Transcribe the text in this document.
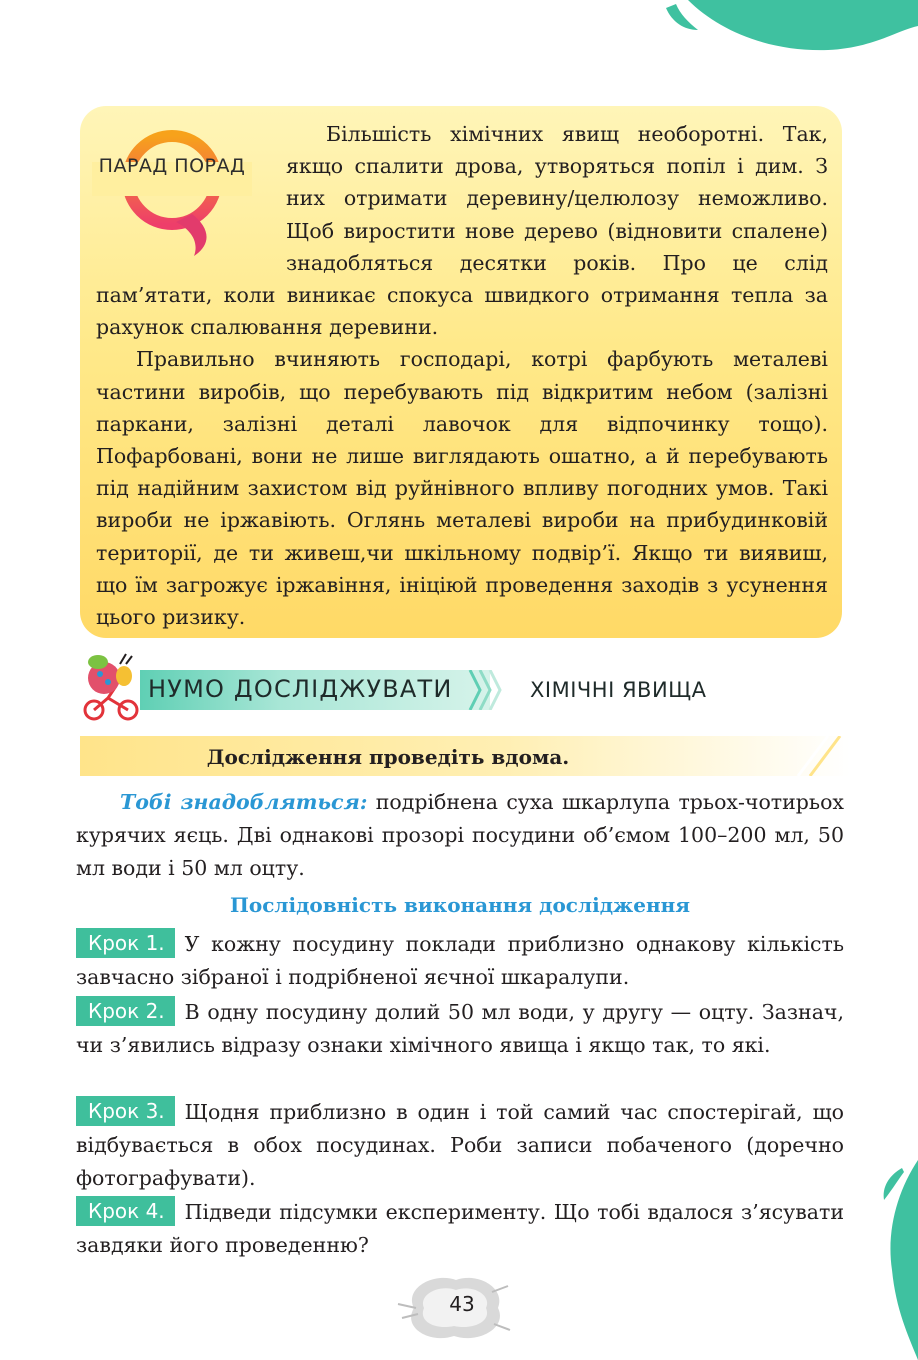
ПАРАД ПОРАД

Більшість хімічних явищ необоротні. Так, якщо спалити дрова, утворяться попіл і дим. З них отримати деревину/целюлозу неможливо. Щоб виростити нове дерево (відновити спалене) знадобляться десятки років. Про це слід пам’ятати, коли виникає спокуса швидкого отримання тепла за рахунок спалювання деревини.

Правильно вчиняють господарі, котрі фарбують металеві частини виробів, що перебувають під відкритим небом (залізні паркани, залізні деталі лавочок для відпочинку тощо). Пофарбовані, вони не лише виглядають ошатно, а й перебувають під надійним захистом від руйнівного впливу погодних умов. Такі вироби не іржавіють. Оглянь металеві вироби на прибудинковій території, де ти живеш,чи шкільному подвір’ї. Якщо ти виявиш, що їм загрожує іржавіння, ініціюй проведення заходів з усунення цього ризику.

НУМО ДОСЛІДЖУВАТИ	ХІМІЧНІ ЯВИЩА
Дослідження проведіть вдома.

Тобі знадобляться: подрібнена суха шкарлупа трьох-чотирьох курячих яєць. Дві однакові прозорі посудини об’ємом 100–200 мл, 50 мл води і 50 мл оцту.

Послідовність виконання дослідження

Крок 1. У кожну посудину поклади приблизно однакову кількість завчасно зібраної і подрібненої яєчної шкаралупи.

Крок 2. В одну посудину долий 50 мл води, у другу — оцту. Зазнач, чи з’явились відразу ознаки хімічного явища і якщо так, то які.

Крок 3. Щодня приблизно в один і той самий час спостерігай, що відбувається в обох посудинах. Роби записи побаченого (доречно фотографувати).

Крок 4. Підведи підсумки експерименту. Що тобі вдалося з’ясувати завдяки його проведенню?

43
